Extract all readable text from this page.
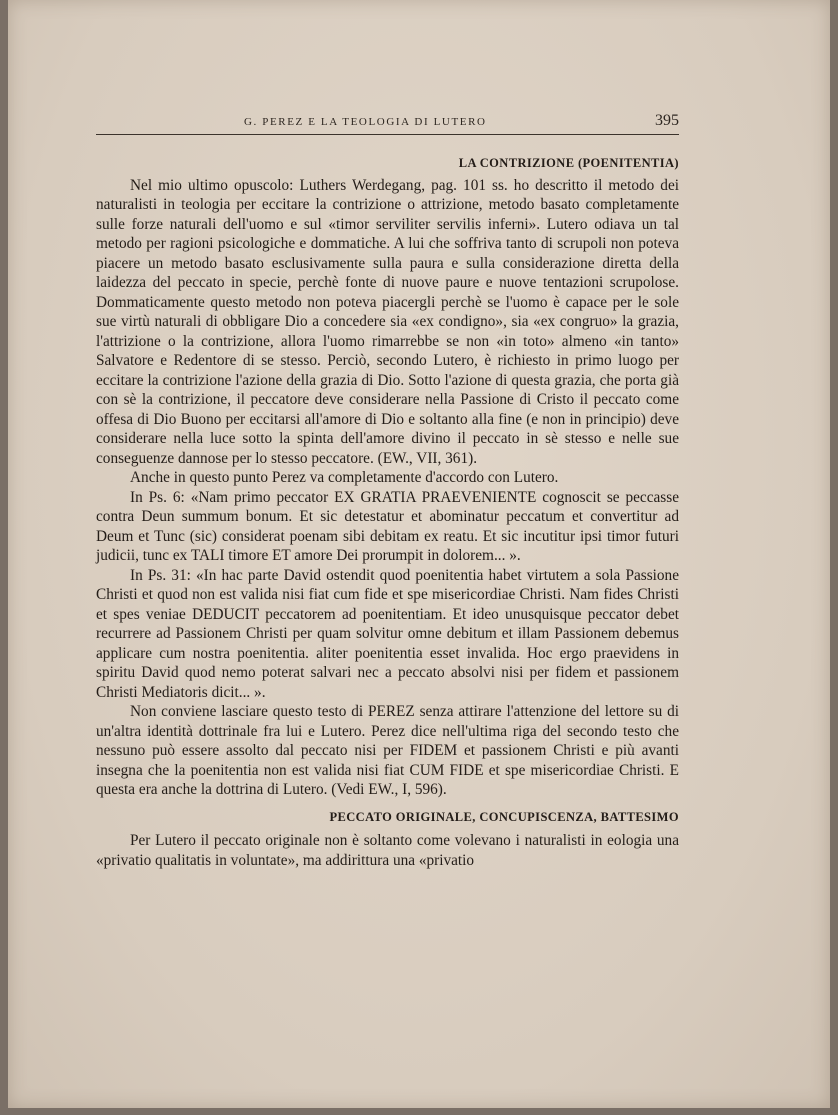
G. PEREZ E LA TEOLOGIA DI LUTERO	395
LA CONTRIZIONE (POENITENTIA)

Nel mio ultimo opuscolo: Luthers Werdegang, pag. 101 ss. ho descritto il metodo dei naturalisti in teologia per eccitare la contrizione o attrizione, metodo basato completamente sulle forze naturali dell'uomo e sul «timor serviliter servilis inferni». Lutero odiava un tal metodo per ragioni psicologiche e dommatiche. A lui che soffriva tanto di scrupoli non poteva piacere un metodo basato esclusivamente sulla paura e sulla considerazione diretta della laidezza del peccato in specie, perchè fonte di nuove paure e nuove tentazioni scrupolose. Dommaticamente questo metodo non poteva piacergli perchè se l'uomo è capace per le sole sue virtù naturali di obbligare Dio a concedere sia «ex condigno», sia «ex congruo» la grazia, l'attrizione o la contrizione, allora l'uomo rimarrebbe se non «in toto» almeno «in tanto» Salvatore e Redentore di se stesso. Perciò, secondo Lutero, è richiesto in primo luogo per eccitare la contrizione l'azione della grazia di Dio. Sotto l'azione di questa grazia, che porta già con sè la contrizione, il peccatore deve considerare nella Passione di Cristo il peccato come offesa di Dio Buono per eccitarsi all'amore di Dio e soltanto alla fine (e non in principio) deve considerare nella luce sotto la spinta dell'amore divino il peccato in sè stesso e nelle sue conseguenze dannose per lo stesso peccatore. (EW., VII, 361).

Anche in questo punto Perez va completamente d'accordo con Lutero.

In Ps. 6: «Nam primo peccator EX GRATIA PRAEVENIENTE cognoscit se peccasse contra Deun summum bonum. Et sic detestatur et abominatur peccatum et convertitur ad Deum et Tunc (sic) considerat poenam sibi debitam ex reatu. Et sic incutitur ipsi timor futuri judicii, tunc ex TALI timore ET amore Dei prorumpit in dolorem... ».

In Ps. 31: «In hac parte David ostendit quod poenitentia habet virtutem a sola Passione Christi et quod non est valida nisi fiat cum fide et spe misericordiae Christi. Nam fides Christi et spes veniae DEDUCIT peccatorem ad poenitentiam. Et ideo unusquisque peccator debet recurrere ad Passionem Christi per quam solvitur omne debitum et illam Passionem debemus applicare cum nostra poenitentia. aliter poenitentia esset invalida. Hoc ergo praevidens in spiritu David quod nemo poterat salvari nec a peccato absolvi nisi per fidem et passionem Christi Mediatoris dicit... ».

Non conviene lasciare questo testo di PEREZ senza attirare l'attenzione del lettore su di un'altra identità dottrinale fra lui e Lutero. Perez dice nell'ultima riga del secondo testo che nessuno può essere assolto dal peccato nisi per FIDEM et passionem Christi e più avanti insegna che la poenitentia non est valida nisi fiat CUM FIDE et spe misericordiae Christi. E questa era anche la dottrina di Lutero. (Vedi EW., I, 596).

PECCATO ORIGINALE, CONCUPISCENZA, BATTESIMO

Per Lutero il peccato originale non è soltanto come volevano i naturalisti in eologia una «privatio qualitatis in voluntate», ma addirittura una «privatio
